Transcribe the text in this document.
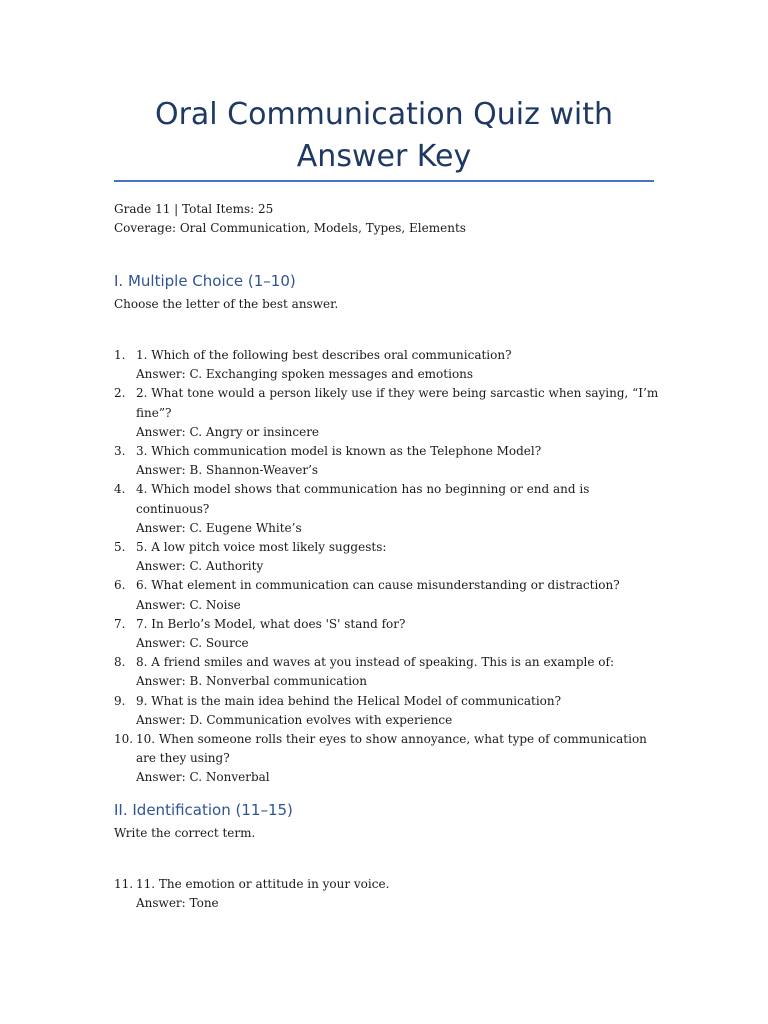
Oral Communication Quiz with Answer Key
Grade 11 | Total Items: 25
Coverage: Oral Communication, Models, Types, Elements
I. Multiple Choice (1–10)
Choose the letter of the best answer.
1. 1. Which of the following best describes oral communication?
Answer: C. Exchanging spoken messages and emotions
2. 2. What tone would a person likely use if they were being sarcastic when saying, “I’m fine”?
Answer: C. Angry or insincere
3. 3. Which communication model is known as the Telephone Model?
Answer: B. Shannon-Weaver’s
4. 4. Which model shows that communication has no beginning or end and is continuous?
Answer: C. Eugene White’s
5. 5. A low pitch voice most likely suggests:
Answer: C. Authority
6. 6. What element in communication can cause misunderstanding or distraction?
Answer: C. Noise
7. 7. In Berlo’s Model, what does 'S' stand for?
Answer: C. Source
8. 8. A friend smiles and waves at you instead of speaking. This is an example of:
Answer: B. Nonverbal communication
9. 9. What is the main idea behind the Helical Model of communication?
Answer: D. Communication evolves with experience
10. 10. When someone rolls their eyes to show annoyance, what type of communication are they using?
Answer: C. Nonverbal
II. Identification (11–15)
Write the correct term.
11. 11. The emotion or attitude in your voice.
Answer: Tone
